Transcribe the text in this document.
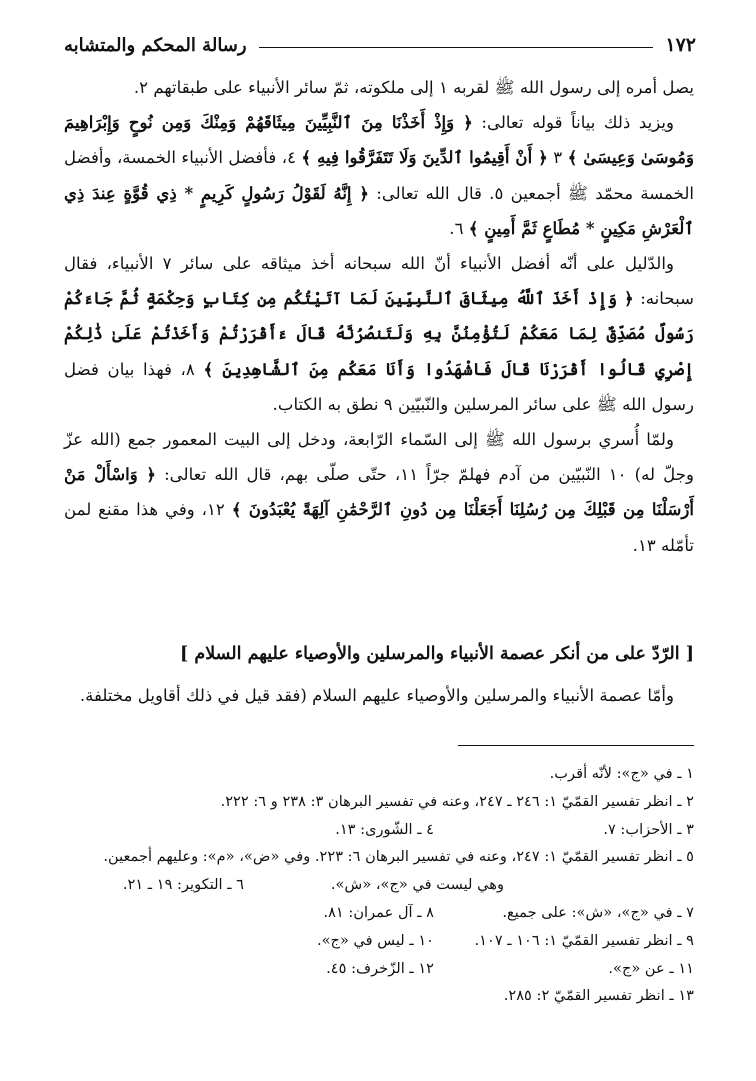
١٧٢
رسالة المحكم والمتشابه

يصل أمره إلى رسول الله ﷺ لقربه ١ إلى ملكوته، ثمّ سائر الأنبياء على طبقاتهم ٢.

ويزيد ذلك بياناً قوله تعالى: ﴿ وَإِذْ أَخَذْنَا مِنَ ٱلنَّبِيِّينَ مِيثَاقَهُمْ وَمِنْكَ وَمِن نُوحٍ وَإِبْرَاهِيمَ وَمُوسَىٰ وَعِيسَىٰ ﴾ ٣ ﴿ أَنْ أَقِيمُوا ٱلدِّينَ وَلَا تَتَفَرَّقُوا فِيهِ ﴾ ٤، فأفضل الأنبياء الخمسة، وأفضل الخمسة محمّد ﷺ أجمعين ٥. قال الله تعالى: ﴿ إِنَّهُ لَقَوْلُ رَسُولٍ كَرِيمٍ * ذِي قُوَّةٍ عِندَ ذِي ٱلْعَرْشِ مَكِينٍ * مُطَاعٍ ثَمَّ أَمِينٍ ﴾ ٦.

والدّليل على أنّه أفضل الأنبياء أنّ الله سبحانه أخذ ميثاقه على سائر ٧ الأنبياء، فقال سبحانه: ﴿ وَإِذْ أَخَذَ ٱللَّهُ مِيثَاقَ ٱلنَّبِيِّينَ لَمَا آتَيْتُكُم مِن كِتَابٍ وَحِكْمَةٍ ثُمَّ جَاءَكُمْ رَسُولٌ مُصَدِّقٌ لِمَا مَعَكُمْ لَتُؤْمِنُنَّ بِهِ وَلَتَنصُرُنَّهُ قَالَ ءَأَقْرَرْتُمْ وَأَخَذْتُمْ عَلَىٰ ذَٰلِكُمْ إِصْرِي قَالُوا أَقْرَرْنَا قَالَ فَاشْهَدُوا وَأَنَا مَعَكُم مِنَ ٱلشَّاهِدِينَ ﴾ ٨، فهذا بيان فضل رسول الله ﷺ على سائر المرسلين والنّبيّين ٩ نطق به الكتاب.

ولمّا أُسري برسول الله ﷺ إلى السّماء الرّابعة، ودخل إلى البيت المعمور جمع (الله عزّ وجلّ له) ١٠ النّبيّين من آدم فهلمّ جرّاً ١١، حتّى صلّى بهم، قال الله تعالى: ﴿ وَاسْأَلْ مَنْ أَرْسَلْنَا مِن قَبْلِكَ مِن رُسُلِنَا أَجَعَلْنَا مِن دُونِ ٱلرَّحْمَٰنِ آلِهَةً يُعْبَدُونَ ﴾ ١٢، وفي هذا مقنع لمن تأمّله ١٣.

[ الرّدّ على من أنكر عصمة الأنبياء والمرسلين والأوصياء عليهم السلام ]
وأمّا عصمة الأنبياء والمرسلين والأوصياء عليهم السلام (فقد قيل في ذلك أقاويل مختلفة.
١ ـ في «ج»: لأنّه أقرب.
٢ ـ انظر تفسير القمّيّ ١: ٢٤٦ ـ ٢٤٧، وعنه في تفسير البرهان ٣: ٢٣٨ و ٦: ٢٢٢.
٣ ـ الأحزاب: ٧.
٤ ـ الشّورى: ١٣.
٥ ـ انظر تفسير القمّيّ ١: ٢٤٧، وعنه في تفسير البرهان ٦: ٢٢٣. وفي «ض»، «م»: وعليهم أجمعين.
وهي ليست في «ج»، «ش».
٦ ـ التكوير: ١٩ ـ ٢١.
٧ ـ في «ج»، «ش»: على جميع.
٨ ـ آل عمران: ٨١.
٩ ـ انظر تفسير القمّيّ ١: ١٠٦ ـ ١٠٧.
١٠ ـ ليس في «ج».
١١ ـ عن «ج».
١٢ ـ الزّخرف: ٤٥.
١٣ ـ انظر تفسير القمّيّ ٢: ٢٨٥.
